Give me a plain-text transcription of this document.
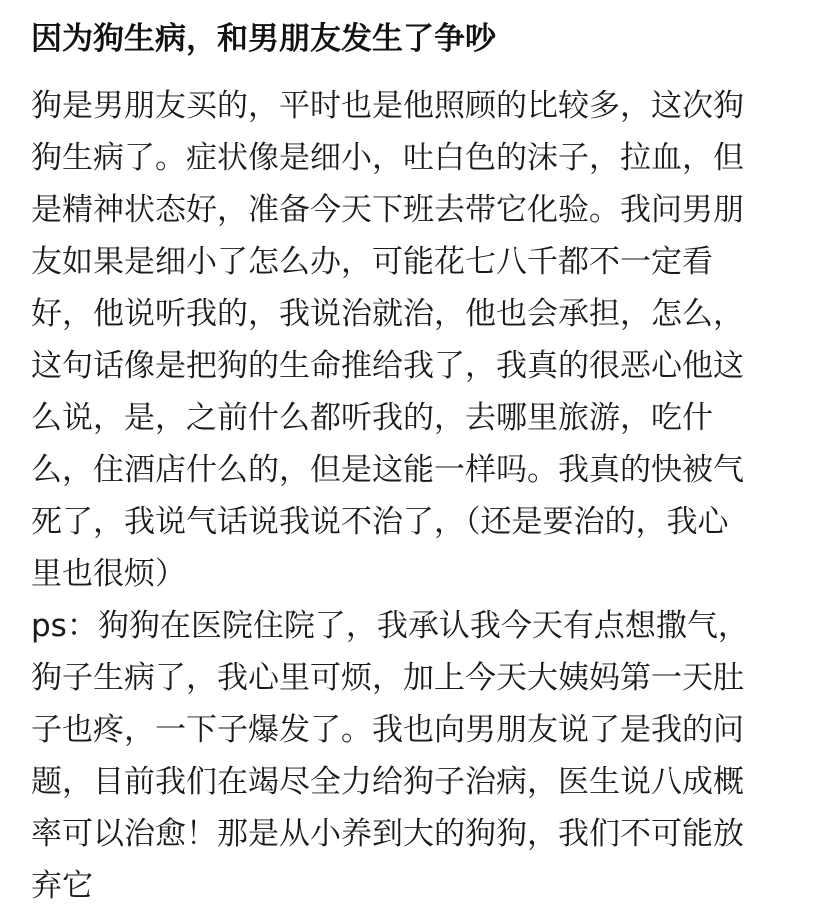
因为狗生病，和男朋友发生了争吵
狗是男朋友买的，平时也是他照顾的比较多，这次狗
狗生病了。症状像是细小，吐白色的沫子，拉血，但
是精神状态好，准备今天下班去带它化验。我问男朋
友如果是细小了怎么办，可能花七八千都不一定看
好，他说听我的，我说治就治，他也会承担，怎么，
这句话像是把狗的生命推给我了，我真的很恶心他这
么说，是，之前什么都听我的，去哪里旅游，吃什
么，住酒店什么的，但是这能一样吗。我真的快被气
死了，我说气话说我说不治了，（还是要治的，我心
里也很烦）
ps：狗狗在医院住院了，我承认我今天有点想撒气，
狗子生病了，我心里可烦，加上今天大姨妈第一天肚
子也疼，一下子爆发了。我也向男朋友说了是我的问
题，目前我们在竭尽全力给狗子治病，医生说八成概
率可以治愈！那是从小养到大的狗狗，我们不可能放
弃它
